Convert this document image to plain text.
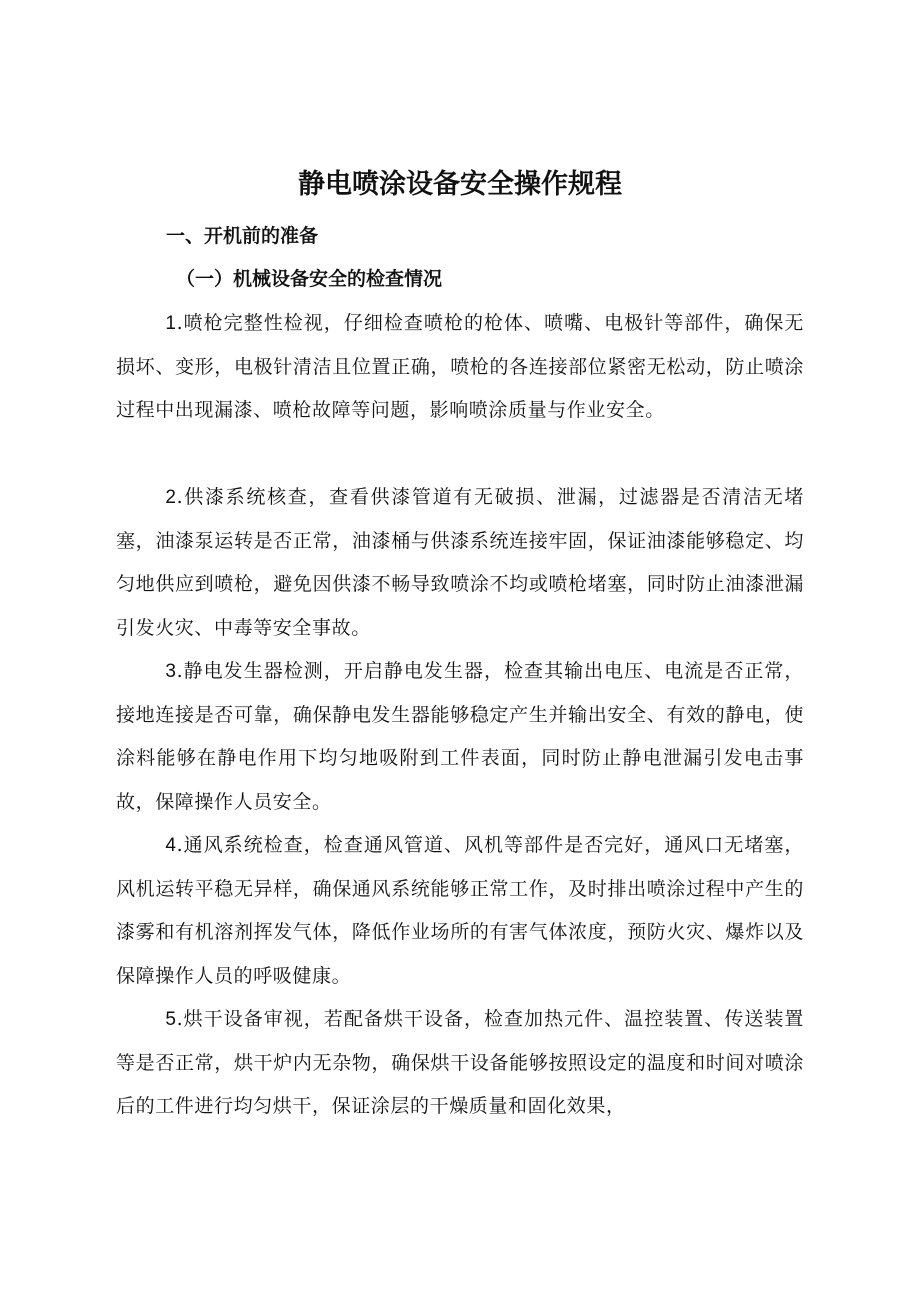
静电喷涂设备安全操作规程
一、开机前的准备
（一）机械设备安全的检查情况

1.喷枪完整性检视，仔细检查喷枪的枪体、喷嘴、电极针等部件，确保无损坏、变形，电极针清洁且位置正确，喷枪的各连接部位紧密无松动，防止喷涂过程中出现漏漆、喷枪故障等问题，影响喷涂质量与作业安全。

2.供漆系统核查，查看供漆管道有无破损、泄漏，过滤器是否清洁无堵塞，油漆泵运转是否正常，油漆桶与供漆系统连接牢固，保证油漆能够稳定、均匀地供应到喷枪，避免因供漆不畅导致喷涂不均或喷枪堵塞，同时防止油漆泄漏引发火灾、中毒等安全事故。

3.静电发生器检测，开启静电发生器，检查其输出电压、电流是否正常，接地连接是否可靠，确保静电发生器能够稳定产生并输出安全、有效的静电，使涂料能够在静电作用下均匀地吸附到工件表面，同时防止静电泄漏引发电击事故，保障操作人员安全。

4.通风系统检查，检查通风管道、风机等部件是否完好，通风口无堵塞，风机运转平稳无异样，确保通风系统能够正常工作，及时排出喷涂过程中产生的漆雾和有机溶剂挥发气体，降低作业场所的有害气体浓度，预防火灾、爆炸以及保障操作人员的呼吸健康。

5.烘干设备审视，若配备烘干设备，检查加热元件、温控装置、传送装置等是否正常，烘干炉内无杂物，确保烘干设备能够按照设定的温度和时间对喷涂后的工件进行均匀烘干，保证涂层的干燥质量和固化效果，
